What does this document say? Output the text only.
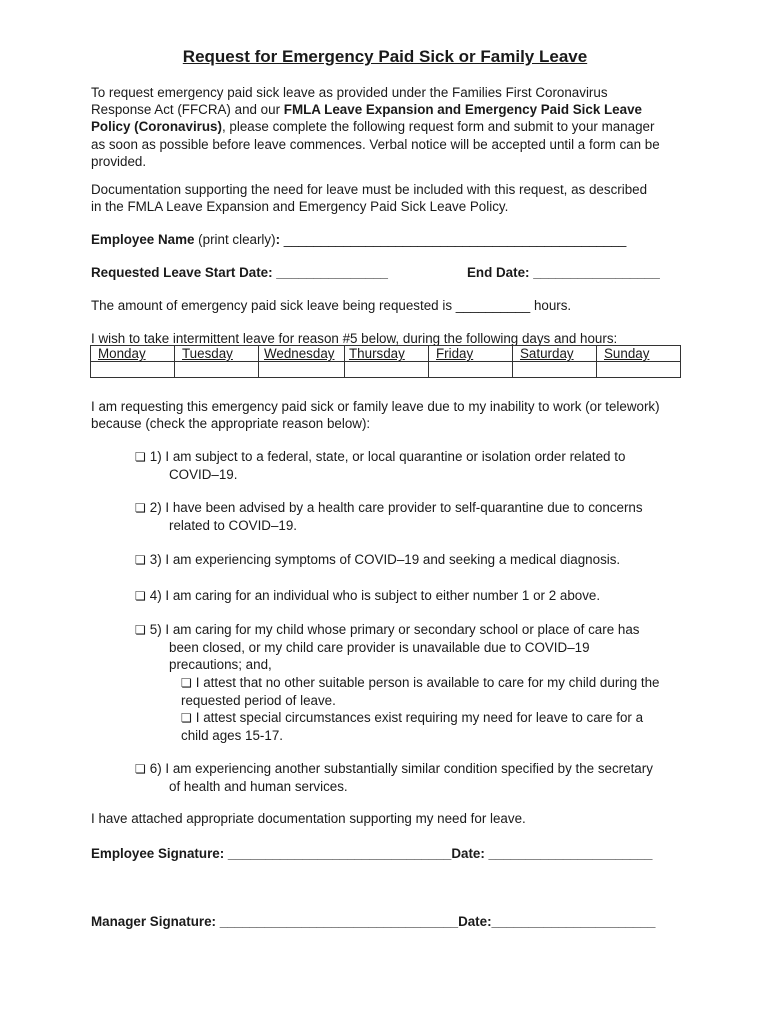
Request for Emergency Paid Sick or Family Leave
To request emergency paid sick leave as provided under the Families First Coronavirus
Response Act (FFCRA) and our FMLA Leave Expansion and Emergency Paid Sick Leave
Policy (Coronavirus), please complete the following request form and submit to your manager
as soon as possible before leave commences. Verbal notice will be accepted until a form can be
provided.
Documentation supporting the need for leave must be included with this request, as described
in the FMLA Leave Expansion and Emergency Paid Sick Leave Policy.
Employee Name (print clearly): ______________________________________________
Requested Leave Start Date: _______________	End Date: _________________
The amount of emergency paid sick leave being requested is __________ hours.
I wish to take intermittent leave for reason #5 below, during the following days and hours:
Monday	Tuesday	Wednesday	Thursday	Friday	Saturday	Sunday

I am requesting this emergency paid sick or family leave due to my inability to work (or telework)
because (check the appropriate reason below):
❏ 1) I am subject to a federal, state, or local quarantine or isolation order related to
COVID–19.
❏ 2) I have been advised by a health care provider to self-quarantine due to concerns
related to COVID–19.
❏ 3) I am experiencing symptoms of COVID–19 and seeking a medical diagnosis.
❏ 4) I am caring for an individual who is subject to either number 1 or 2 above.
❏ 5) I am caring for my child whose primary or secondary school or place of care has
been closed, or my child care provider is unavailable due to COVID–19
precautions; and,
❏ I attest that no other suitable person is available to care for my child during the
requested period of leave.
❏ I attest special circumstances exist requiring my need for leave to care for a
child ages 15-17.
❏ 6) I am experiencing another substantially similar condition specified by the secretary
of health and human services.
I have attached appropriate documentation supporting my need for leave.
Employee Signature: ______________________________Date: ______________________
Manager Signature: ________________________________Date:______________________
